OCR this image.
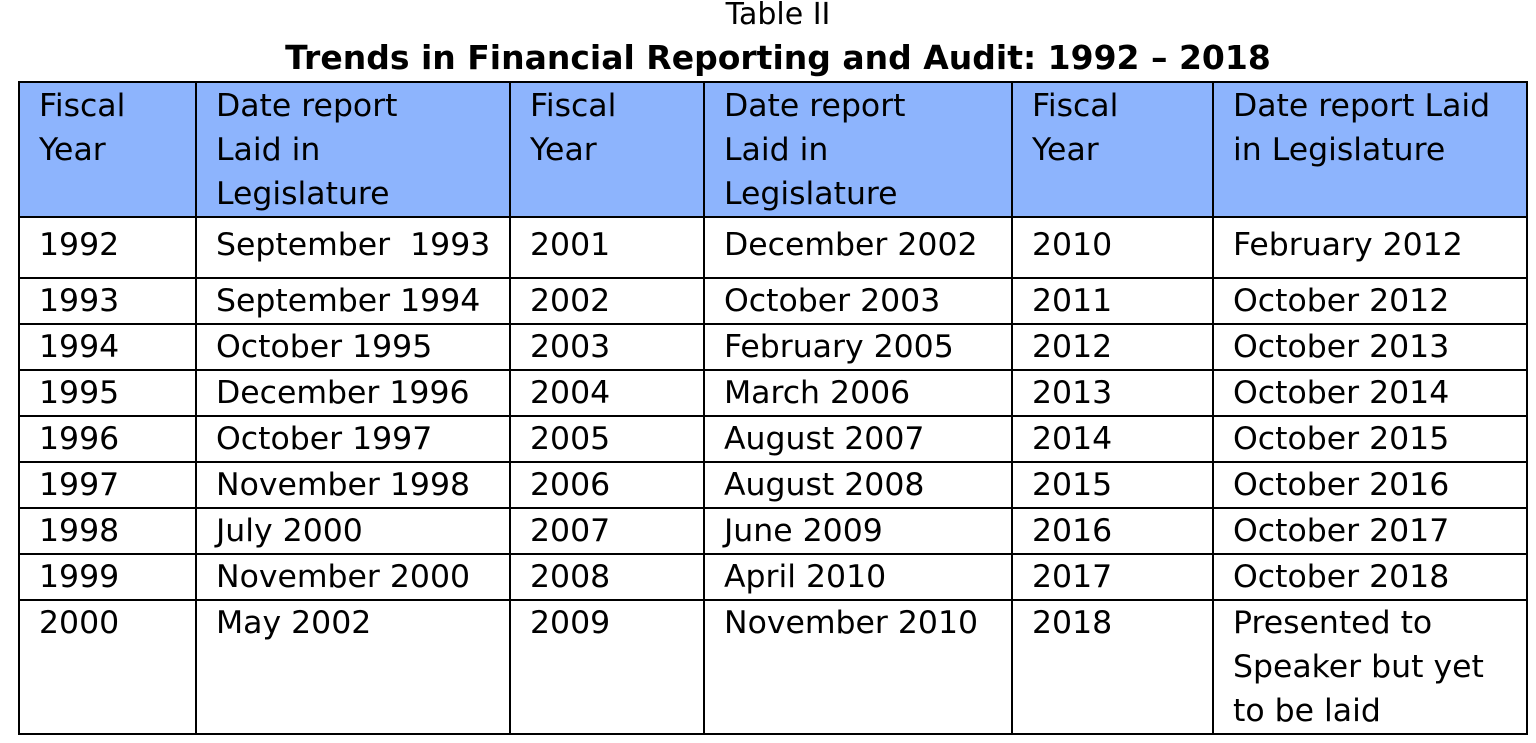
Table II
Trends in Financial Reporting and Audit: 1992 – 2018
Fiscal
Year	Date report
Laid in
Legislature	Fiscal
Year	Date report
Laid in
Legislature	Fiscal
Year	Date report Laid
in Legislature
1992	September  1993	2001	December 2002	2010	February 2012
1993	September 1994	2002	October 2003	2011	October 2012
1994	October 1995	2003	February 2005	2012	October 2013
1995	December 1996	2004	March 2006	2013	October 2014
1996	October 1997	2005	August 2007	2014	October 2015
1997	November 1998	2006	August 2008	2015	October 2016
1998	July 2000	2007	June 2009	2016	October 2017
1999	November 2000	2008	April 2010	2017	October 2018
2000	May 2002	2009	November 2010	2018	Presented to
Speaker but yet
to be laid
